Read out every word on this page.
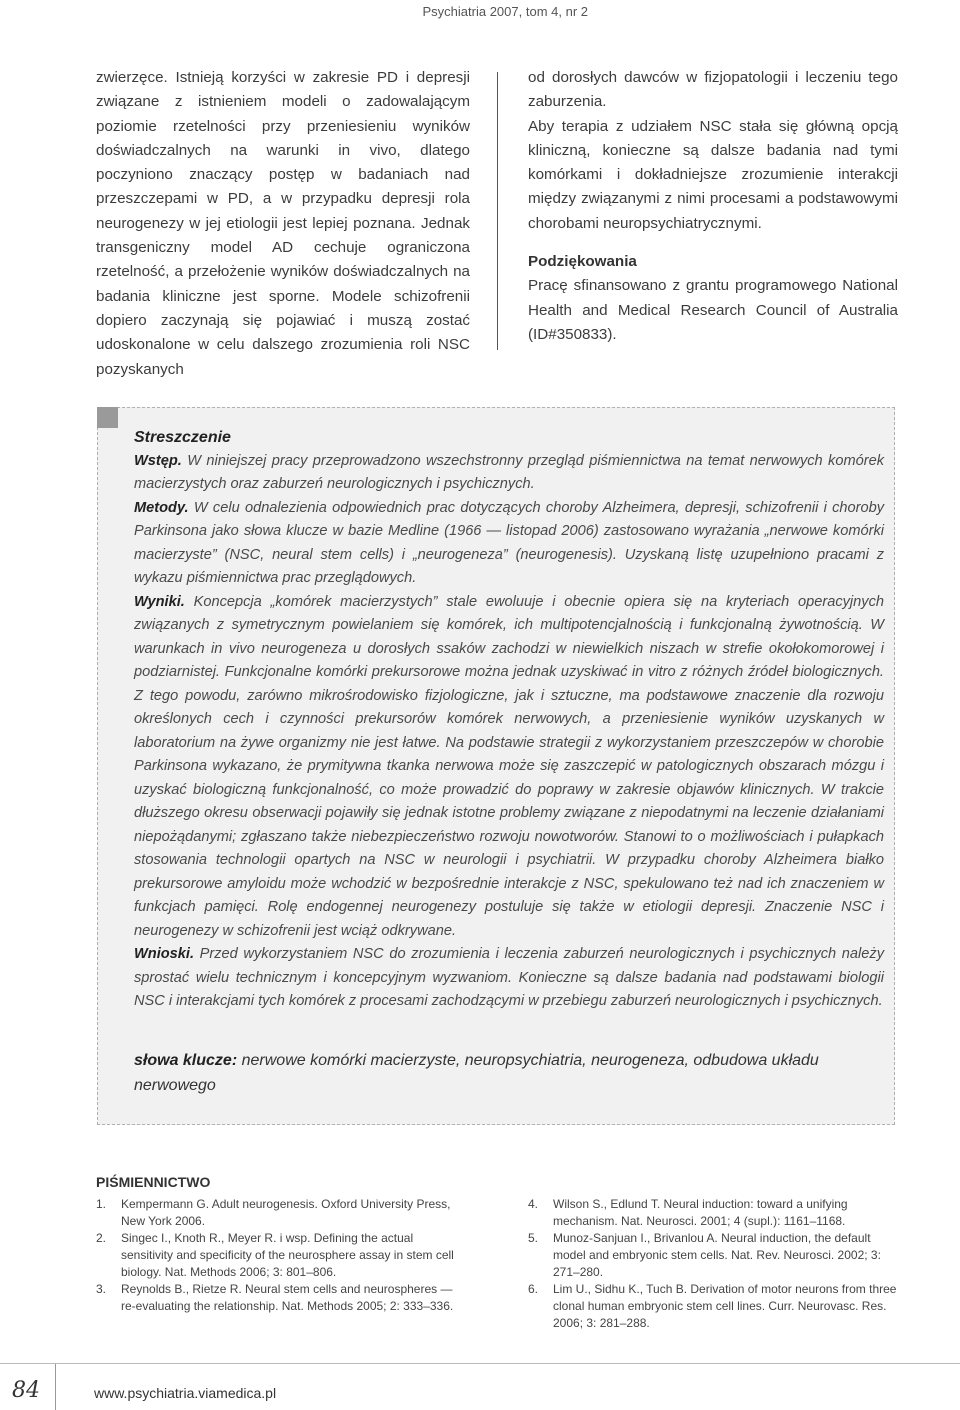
Psychiatria 2007, tom 4, nr 2

zwierzęce. Istnieją korzyści w zakresie PD i depresji związane z istnieniem modeli o zadowalającym poziomie rzetelności przy przeniesieniu wyników doświadczalnych na warunki in vivo, dlatego poczyniono znaczący postęp w badaniach nad przeszczepami w PD, a w przypadku depresji rola neurogenezy w jej etiologii jest lepiej poznana. Jednak transgeniczny model AD cechuje ograniczona rzetelność, a przełożenie wyników doświadczalnych na badania kliniczne jest sporne. Modele schizofrenii dopiero zaczynają się pojawiać i muszą zostać udoskonalone w celu dalszego zrozumienia roli NSC pozyskanych

od dorosłych dawców w fizjopatologii i leczeniu tego zaburzenia.

Aby terapia z udziałem NSC stała się główną opcją kliniczną, konieczne są dalsze badania nad tymi komórkami i dokładniejsze zrozumienie interakcji między związanymi z nimi procesami a podstawowymi chorobami neuropsychiatrycznymi.

Podziękowania

Pracę sfinansowano z grantu programowego National Health and Medical Research Council of Australia (ID#350833).

Streszczenie

Wstęp. W niniejszej pracy przeprowadzono wszechstronny przegląd piśmiennictwa na temat nerwowych komórek macierzystych oraz zaburzeń neurologicznych i psychicznych.

Metody. W celu odnalezienia odpowiednich prac dotyczących choroby Alzheimera, depresji, schizofrenii i choroby Parkinsona jako słowa klucze w bazie Medline (1966 — listopad 2006) zastosowano wyrażania „nerwowe komórki macierzyste” (NSC, neural stem cells) i „neurogeneza” (neurogenesis). Uzyskaną listę uzupełniono pracami z wykazu piśmiennictwa prac przeglądowych.

Wyniki. Koncepcja „komórek macierzystych” stale ewoluuje i obecnie opiera się na kryteriach operacyjnych związanych z symetrycznym powielaniem się komórek, ich multipotencjalnością i funkcjonalną żywotnością. W warunkach in vivo neurogeneza u dorosłych ssaków zachodzi w niewielkich niszach w strefie okołokomorowej i podziarnistej. Funkcjonalne komórki prekursorowe można jednak uzyskiwać in vitro z różnych źródeł biologicznych. Z tego powodu, zarówno mikrośrodowisko fizjologiczne, jak i sztuczne, ma podstawowe znaczenie dla rozwoju określonych cech i czynności prekursorów komórek nerwowych, a przeniesienie wyników uzyskanych w laboratorium na żywe organizmy nie jest łatwe. Na podstawie strategii z wykorzystaniem przeszczepów w chorobie Parkinsona wykazano, że prymitywna tkanka nerwowa może się zaszczepić w patologicznych obszarach mózgu i uzyskać biologiczną funkcjonalność, co może prowadzić do poprawy w zakresie objawów klinicznych. W trakcie dłuższego okresu obserwacji pojawiły się jednak istotne problemy związane z niepodatnymi na leczenie działaniami niepożądanymi; zgłaszano także niebezpieczeństwo rozwoju nowotworów. Stanowi to o możliwościach i pułapkach stosowania technologii opartych na NSC w neurologii i psychiatrii. W przypadku choroby Alzheimera białko prekursorowe amyloidu może wchodzić w bezpośrednie interakcje z NSC, spekulowano też nad ich znaczeniem w funkcjach pamięci. Rolę endogennej neurogenezy postuluje się także w etiologii depresji. Znaczenie NSC i neurogenezy w schizofrenii jest wciąż odkrywane.

Wnioski. Przed wykorzystaniem NSC do zrozumienia i leczenia zaburzeń neurologicznych i psychicznych należy sprostać wielu technicznym i koncepcyjnym wyzwaniom. Konieczne są dalsze badania nad podstawami biologii NSC i interakcjami tych komórek z procesami zachodzącymi w przebiegu zaburzeń neurologicznych i psychicznych.

słowa klucze: nerwowe komórki macierzyste, neuropsychiatria, neurogeneza, odbudowa układu nerwowego
PIŚMIENNICTWO
1. Kempermann G. Adult neurogenesis. Oxford University Press, New York 2006.
2. Singec I., Knoth R., Meyer R. i wsp. Defining the actual sensitivity and specificity of the neurosphere assay in stem cell biology. Nat. Methods 2006; 3: 801–806.
3. Reynolds B., Rietze R. Neural stem cells and neurospheres — re-evaluating the relationship. Nat. Methods 2005; 2: 333–336.
4. Wilson S., Edlund T. Neural induction: toward a unifying mechanism. Nat. Neurosci. 2001; 4 (supl.): 1161–1168.
5. Munoz-Sanjuan I., Brivanlou A. Neural induction, the default model and embryonic stem cells. Nat. Rev. Neurosci. 2002; 3: 271–280.
6. Lim U., Sidhu K., Tuch B. Derivation of motor neurons from three clonal human embryonic stem cell lines. Curr. Neurovasc. Res. 2006; 3: 281–288.
84	www.psychiatria.viamedica.pl
